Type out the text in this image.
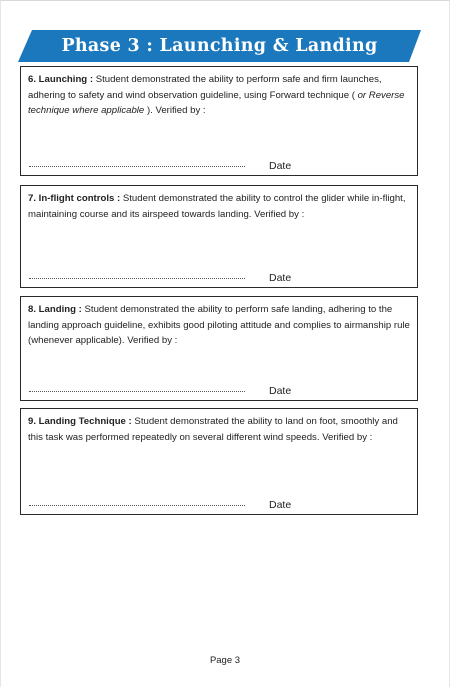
Phase 3 : Launching & Landing
6. Launching : Student demonstrated the ability to perform safe and firm launches, adhering to safety and wind observation guideline, using Forward technique ( or Reverse technique where applicable ). Verified by :
Date
7. In-flight controls : Student demonstrated the ability to control the glider while in-flight, maintaining course and its airspeed towards landing. Verified by :
Date
8. Landing : Student demonstrated the ability to perform safe landing, adhering to the landing approach guideline, exhibits good piloting attitude and complies to airmanship rule (whenever applicable). Verified by :
Date
9. Landing Technique : Student demonstrated the ability to land on foot, smoothly and this task was performed repeatedly on several different wind speeds. Verified by :
Date
Page 3
